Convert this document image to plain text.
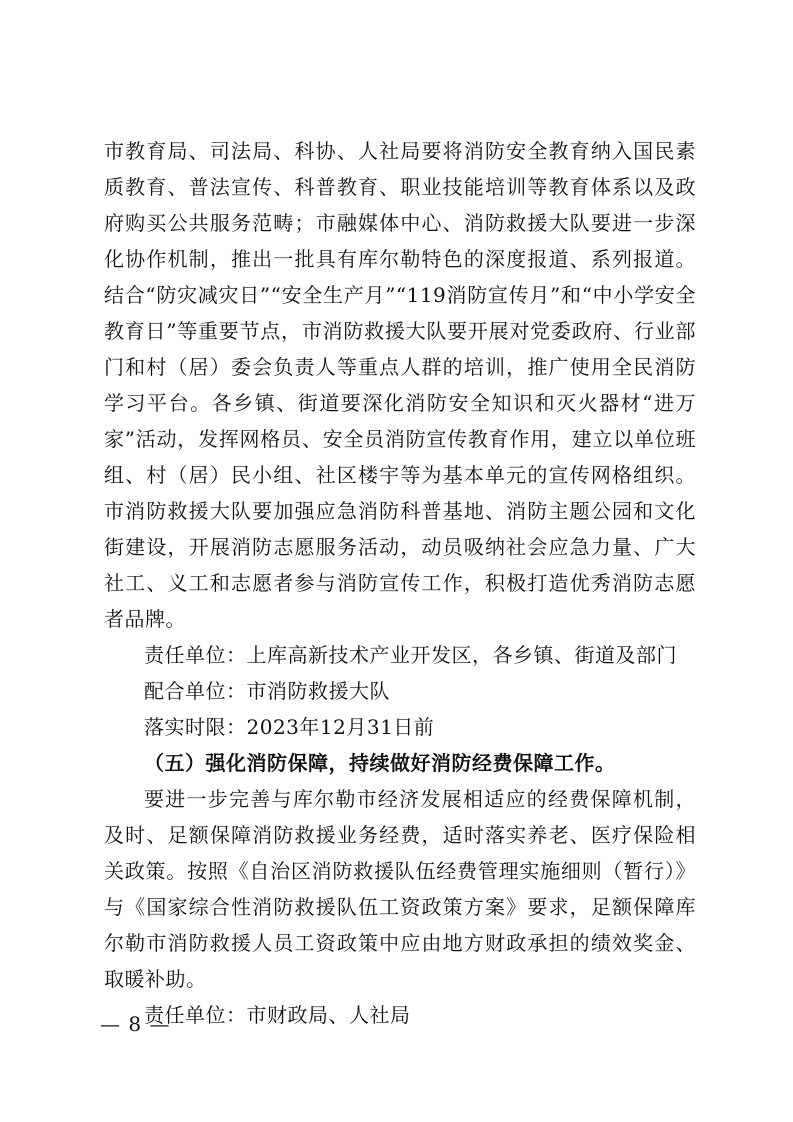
市教育局、司法局、科协、人社局要将消防安全教育纳入国民素质教育、普法宣传、科普教育、职业技能培训等教育体系以及政府购买公共服务范畴；市融媒体中心、消防救援大队要进一步深化协作机制，推出一批具有库尔勒特色的深度报道、系列报道。结合“防灾减灾日”“安全生产月”“119消防宣传月”和“中小学安全教育日”等重要节点，市消防救援大队要开展对党委政府、行业部门和村（居）委会负责人等重点人群的培训，推广使用全民消防学习平台。各乡镇、街道要深化消防安全知识和灭火器材“进万家”活动，发挥网格员、安全员消防宣传教育作用，建立以单位班组、村（居）民小组、社区楼宇等为基本单元的宣传网格组织。市消防救援大队要加强应急消防科普基地、消防主题公园和文化街建设，开展消防志愿服务活动，动员吸纳社会应急力量、广大社工、义工和志愿者参与消防宣传工作，积极打造优秀消防志愿者品牌。

责任单位：上库高新技术产业开发区，各乡镇、街道及部门

配合单位：市消防救援大队

落实时限：2023年12月31日前

（五）强化消防保障，持续做好消防经费保障工作。

要进一步完善与库尔勒市经济发展相适应的经费保障机制，及时、足额保障消防救援业务经费，适时落实养老、医疗保险相关政策。按照《自治区消防救援队伍经费管理实施细则（暂行）》与《国家综合性消防救援队伍工资政策方案》要求，足额保障库尔勒市消防救援人员工资政策中应由地方财政承担的绩效奖金、取暖补助。

责任单位：市财政局、人社局

— 8 —
